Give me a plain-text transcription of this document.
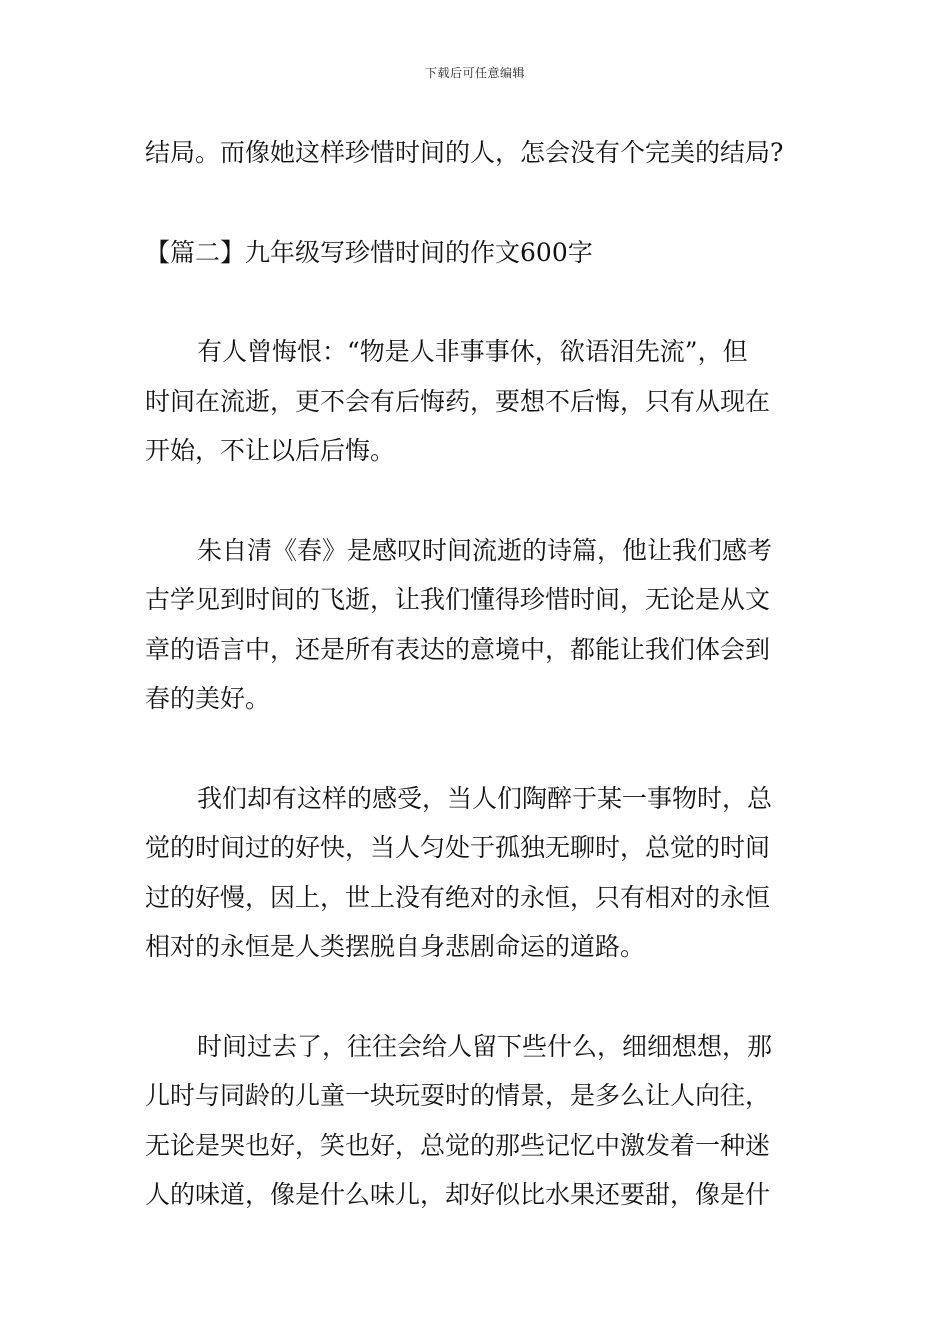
下载后可任意编辑
结局。而像她这样珍惜时间的人，怎会没有个完美的结局?
【篇二】九年级写珍惜时间的作文600字
有人曾悔恨：“物是人非事事休，欲语泪先流”，但
时间在流逝，更不会有后悔药，要想不后悔，只有从现在
开始，不让以后后悔。
朱自清《春》是感叹时间流逝的诗篇，他让我们感考
古学见到时间的飞逝，让我们懂得珍惜时间，无论是从文
章的语言中，还是所有表达的意境中，都能让我们体会到
春的美好。
我们却有这样的感受，当人们陶醉于某一事物时，总
觉的时间过的好快，当人匀处于孤独无聊时，总觉的时间
过的好慢，因上，世上没有绝对的永恒，只有相对的永恒
相对的永恒是人类摆脱自身悲剧命运的道路。
时间过去了，往往会给人留下些什么，细细想想，那
儿时与同龄的儿童一块玩耍时的情景，是多么让人向往，
无论是哭也好，笑也好，总觉的那些记忆中激发着一种迷
人的味道，像是什么味儿，却好似比水果还要甜，像是什
